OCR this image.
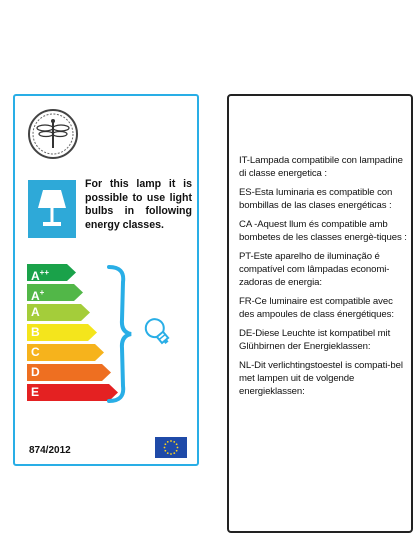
For this lamp it is possible to use light bulbs in following energy classes.
A++
A+
A
B
C
D
E
874/2012
IT-Lampada compatibile con lampadine di classe energetica :
ES-Esta luminaria es compatible con bombillas de las clases energéticas :
CA -Aquest llum és compatible amb bombetes de les classes energè-tiques :
PT-Este aparelho de iluminação é compatível com lâmpadas economi-zadoras de energia:
FR-Ce luminaire est compatible avec des ampoules de class énergétiques:
DE-Diese Leuchte ist kompatibel mit Glühbirnen der Energieklassen:
NL-Dit verlichtingstoestel is compati-bel met lampen uit de volgende energieklassen:
